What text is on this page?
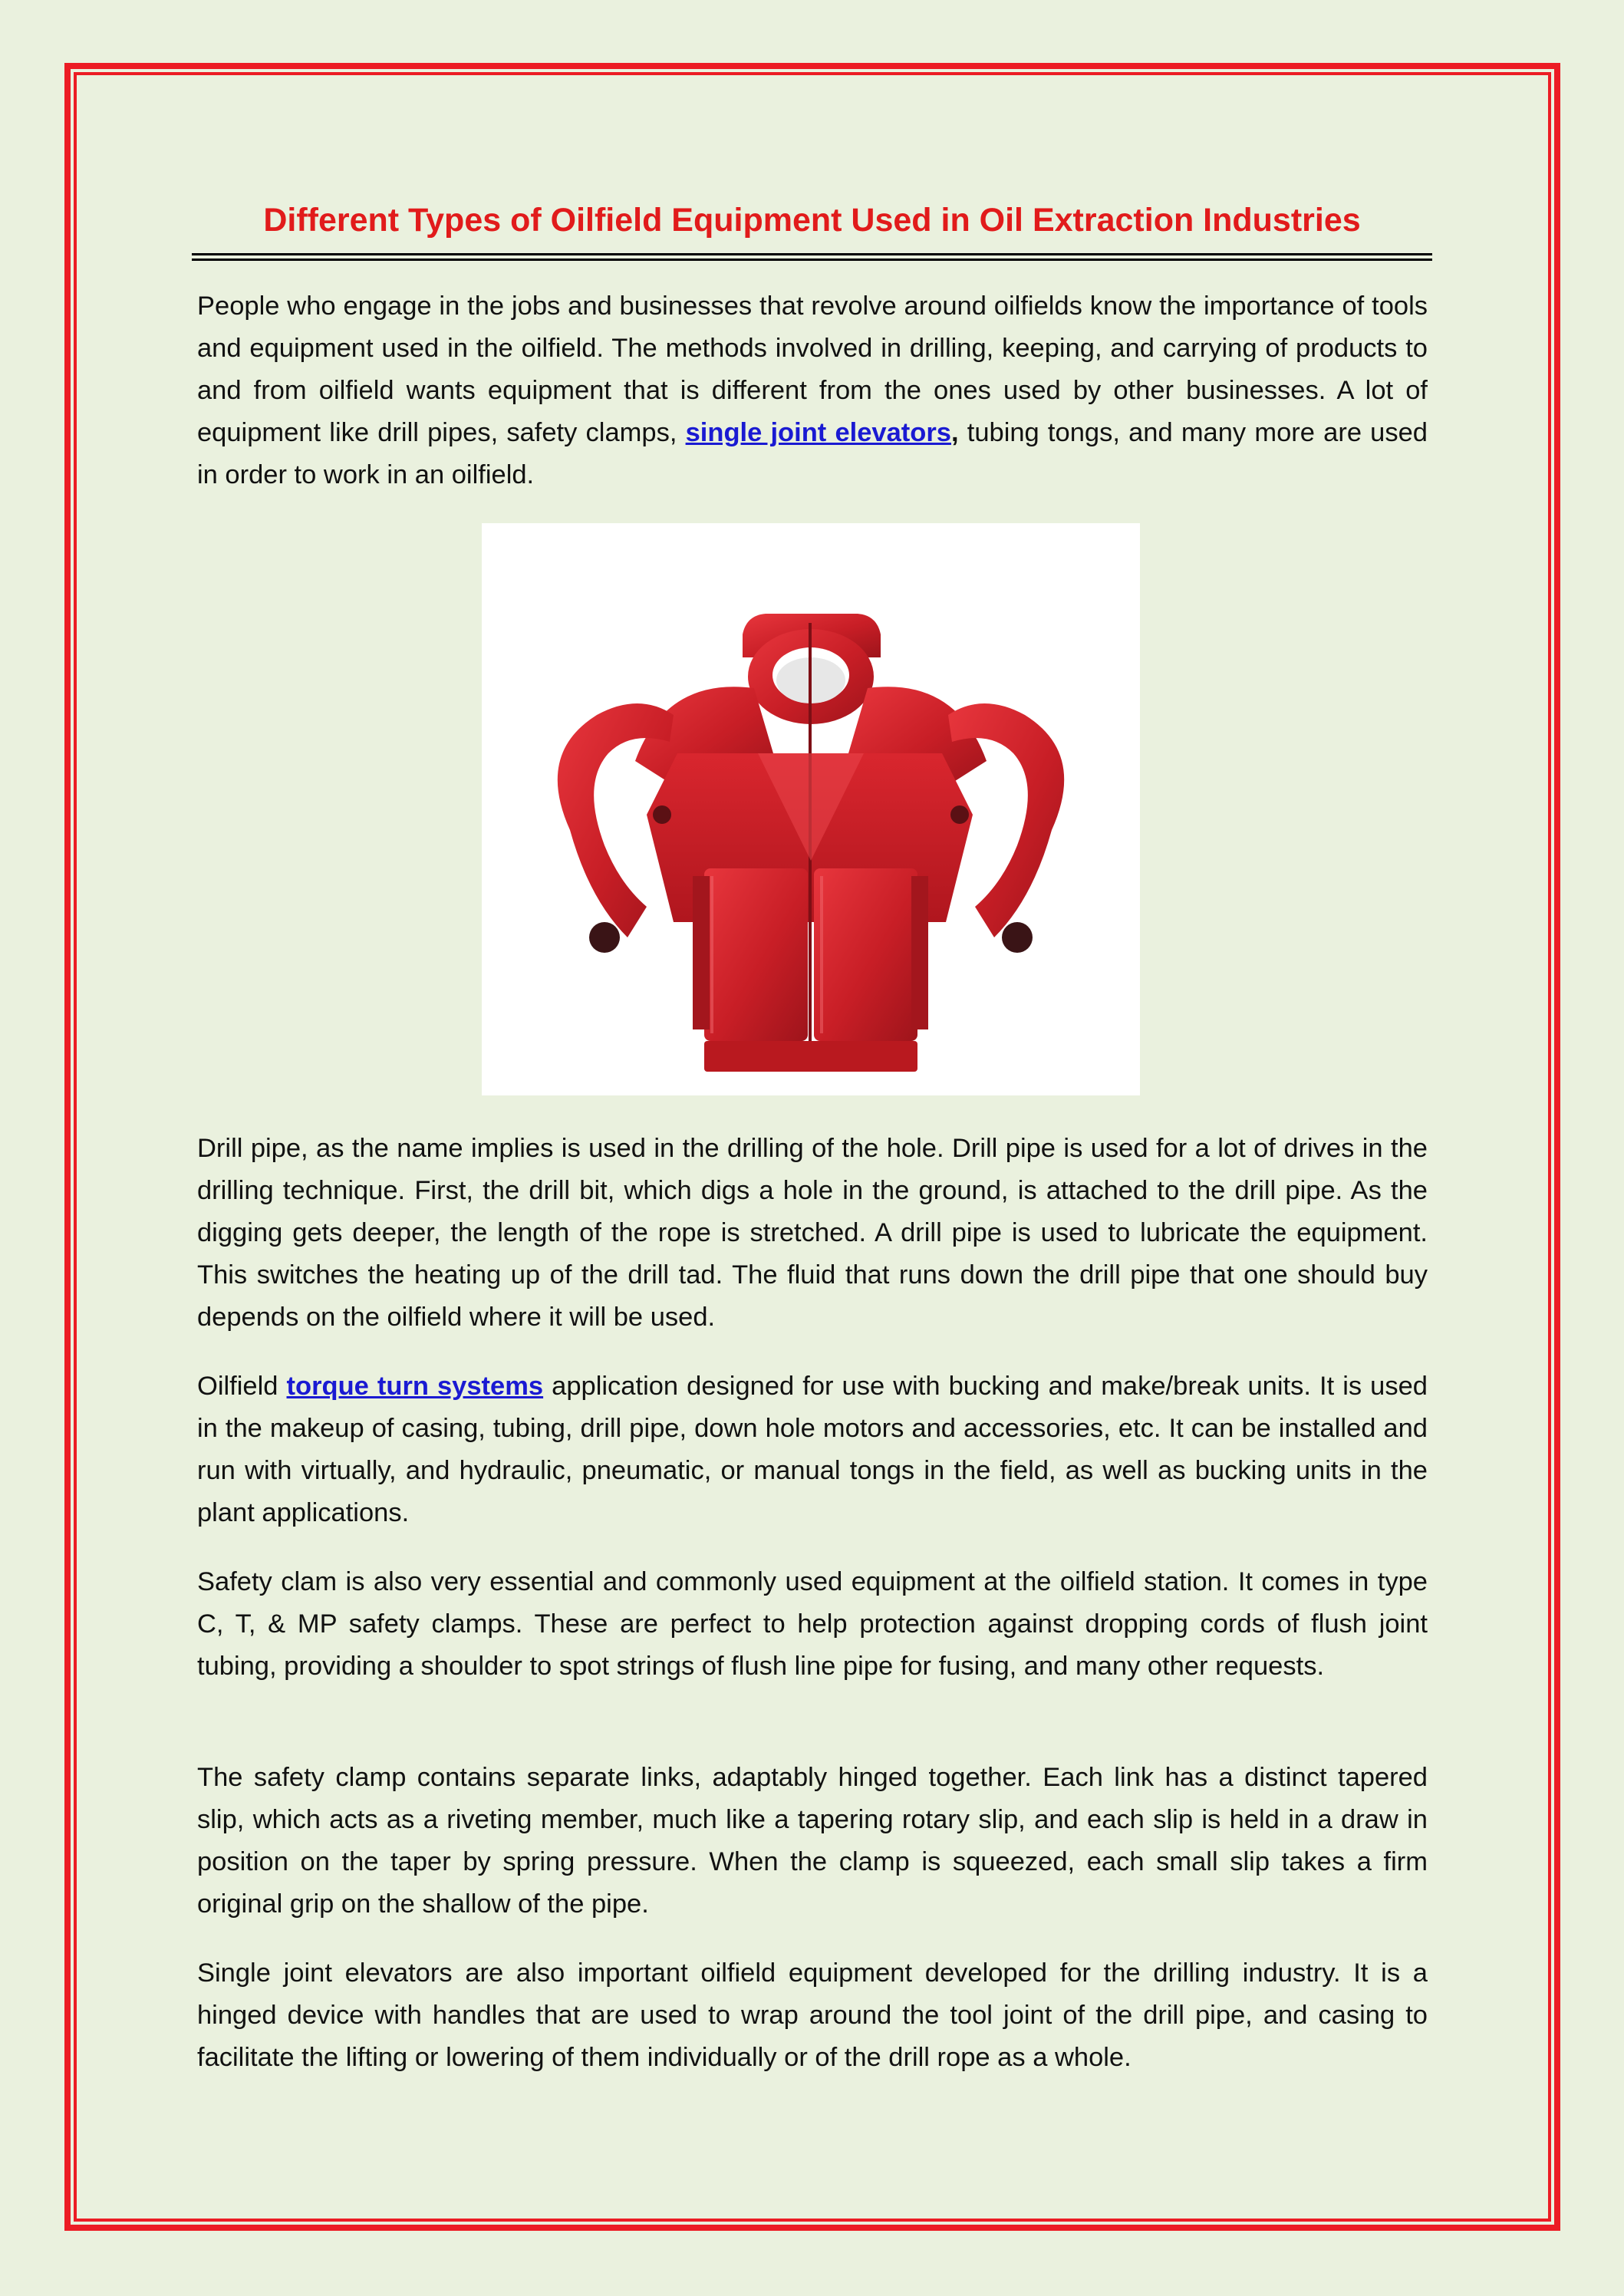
Different Types of Oilfield Equipment Used in Oil Extraction Industries

People who engage in the jobs and businesses that revolve around oilfields know the importance of tools and equipment used in the oilfield. The methods involved in drilling, keeping, and carrying of products to and from oilfield wants equipment that is different from the ones used by other businesses. A lot of equipment like drill pipes, safety clamps, single joint elevators, tubing tongs, and many more are used in order to work in an oilfield.

Drill pipe, as the name implies is used in the drilling of the hole. Drill pipe is used for a lot of drives in the drilling technique. First, the drill bit, which digs a hole in the ground, is attached to the drill pipe. As the digging gets deeper, the length of the rope is stretched. A drill pipe is used to lubricate the equipment. This switches the heating up of the drill tad. The fluid that runs down the drill pipe that one should buy depends on the oilfield where it will be used.

Oilfield torque turn systems application designed for use with bucking and make/break units. It is used in the makeup of casing, tubing, drill pipe, down hole motors and accessories, etc. It can be installed and run with virtually, and hydraulic, pneumatic, or manual tongs in the field, as well as bucking units in the plant applications.

Safety clam is also very essential and commonly used equipment at the oilfield station. It comes in type C, T, & MP safety clamps. These are perfect to help protection against dropping cords of flush joint tubing, providing a shoulder to spot strings of flush line pipe for fusing, and many other requests.

The safety clamp contains separate links, adaptably hinged together. Each link has a distinct tapered slip, which acts as a riveting member, much like a tapering rotary slip, and each slip is held in a draw in position on the taper by spring pressure. When the clamp is squeezed, each small slip takes a firm original grip on the shallow of the pipe.

Single joint elevators are also important oilfield equipment developed for the drilling industry. It is a hinged device with handles that are used to wrap around the tool joint of the drill pipe, and casing to facilitate the lifting or lowering of them individually or of the drill rope as a whole.
